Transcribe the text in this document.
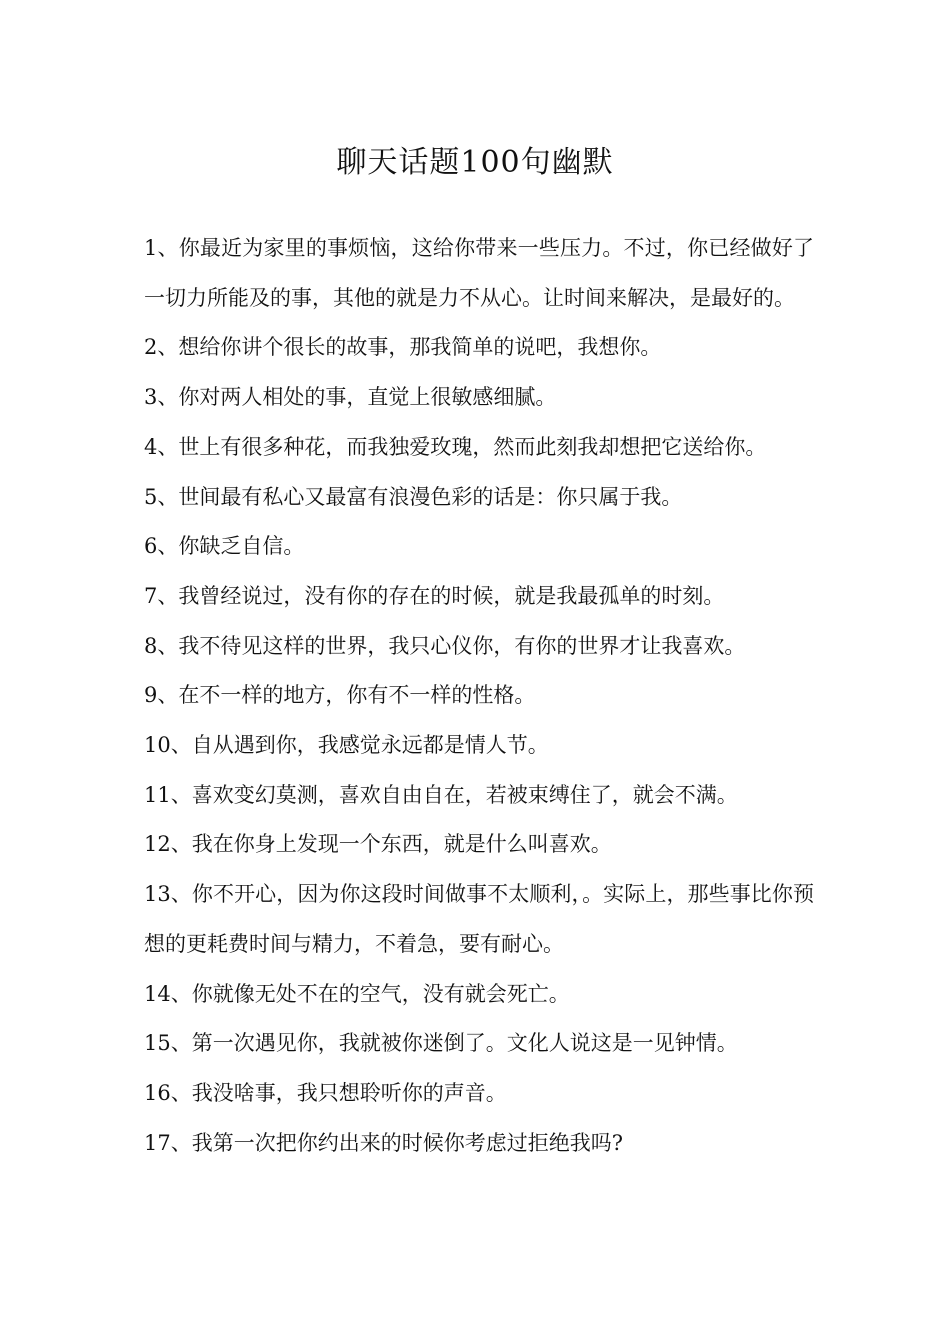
聊天话题100句幽默

1、你最近为家里的事烦恼，这给你带来一些压力。不过，你已经做好了一切力所能及的事，其他的就是力不从心。让时间来解决，是最好的。

2、想给你讲个很长的故事，那我简单的说吧，我想你。

3、你对两人相处的事，直觉上很敏感细腻。

4、世上有很多种花，而我独爱玫瑰，然而此刻我却想把它送给你。

5、世间最有私心又最富有浪漫色彩的话是：你只属于我。

6、你缺乏自信。

7、我曾经说过，没有你的存在的时候，就是我最孤单的时刻。

8、我不待见这样的世界，我只心仪你，有你的世界才让我喜欢。

9、在不一样的地方，你有不一样的性格。

10、自从遇到你，我感觉永远都是情人节。

11、喜欢变幻莫测，喜欢自由自在，若被束缚住了，就会不满。

12、我在你身上发现一个东西，就是什么叫喜欢。

13、你不开心，因为你这段时间做事不太顺利，。实际上，那些事比你预想的更耗费时间与精力，不着急，要有耐心。

14、你就像无处不在的空气，没有就会死亡。

15、第一次遇见你，我就被你迷倒了。文化人说这是一见钟情。

16、我没啥事，我只想聆听你的声音。

17、我第一次把你约出来的时候你考虑过拒绝我吗?
